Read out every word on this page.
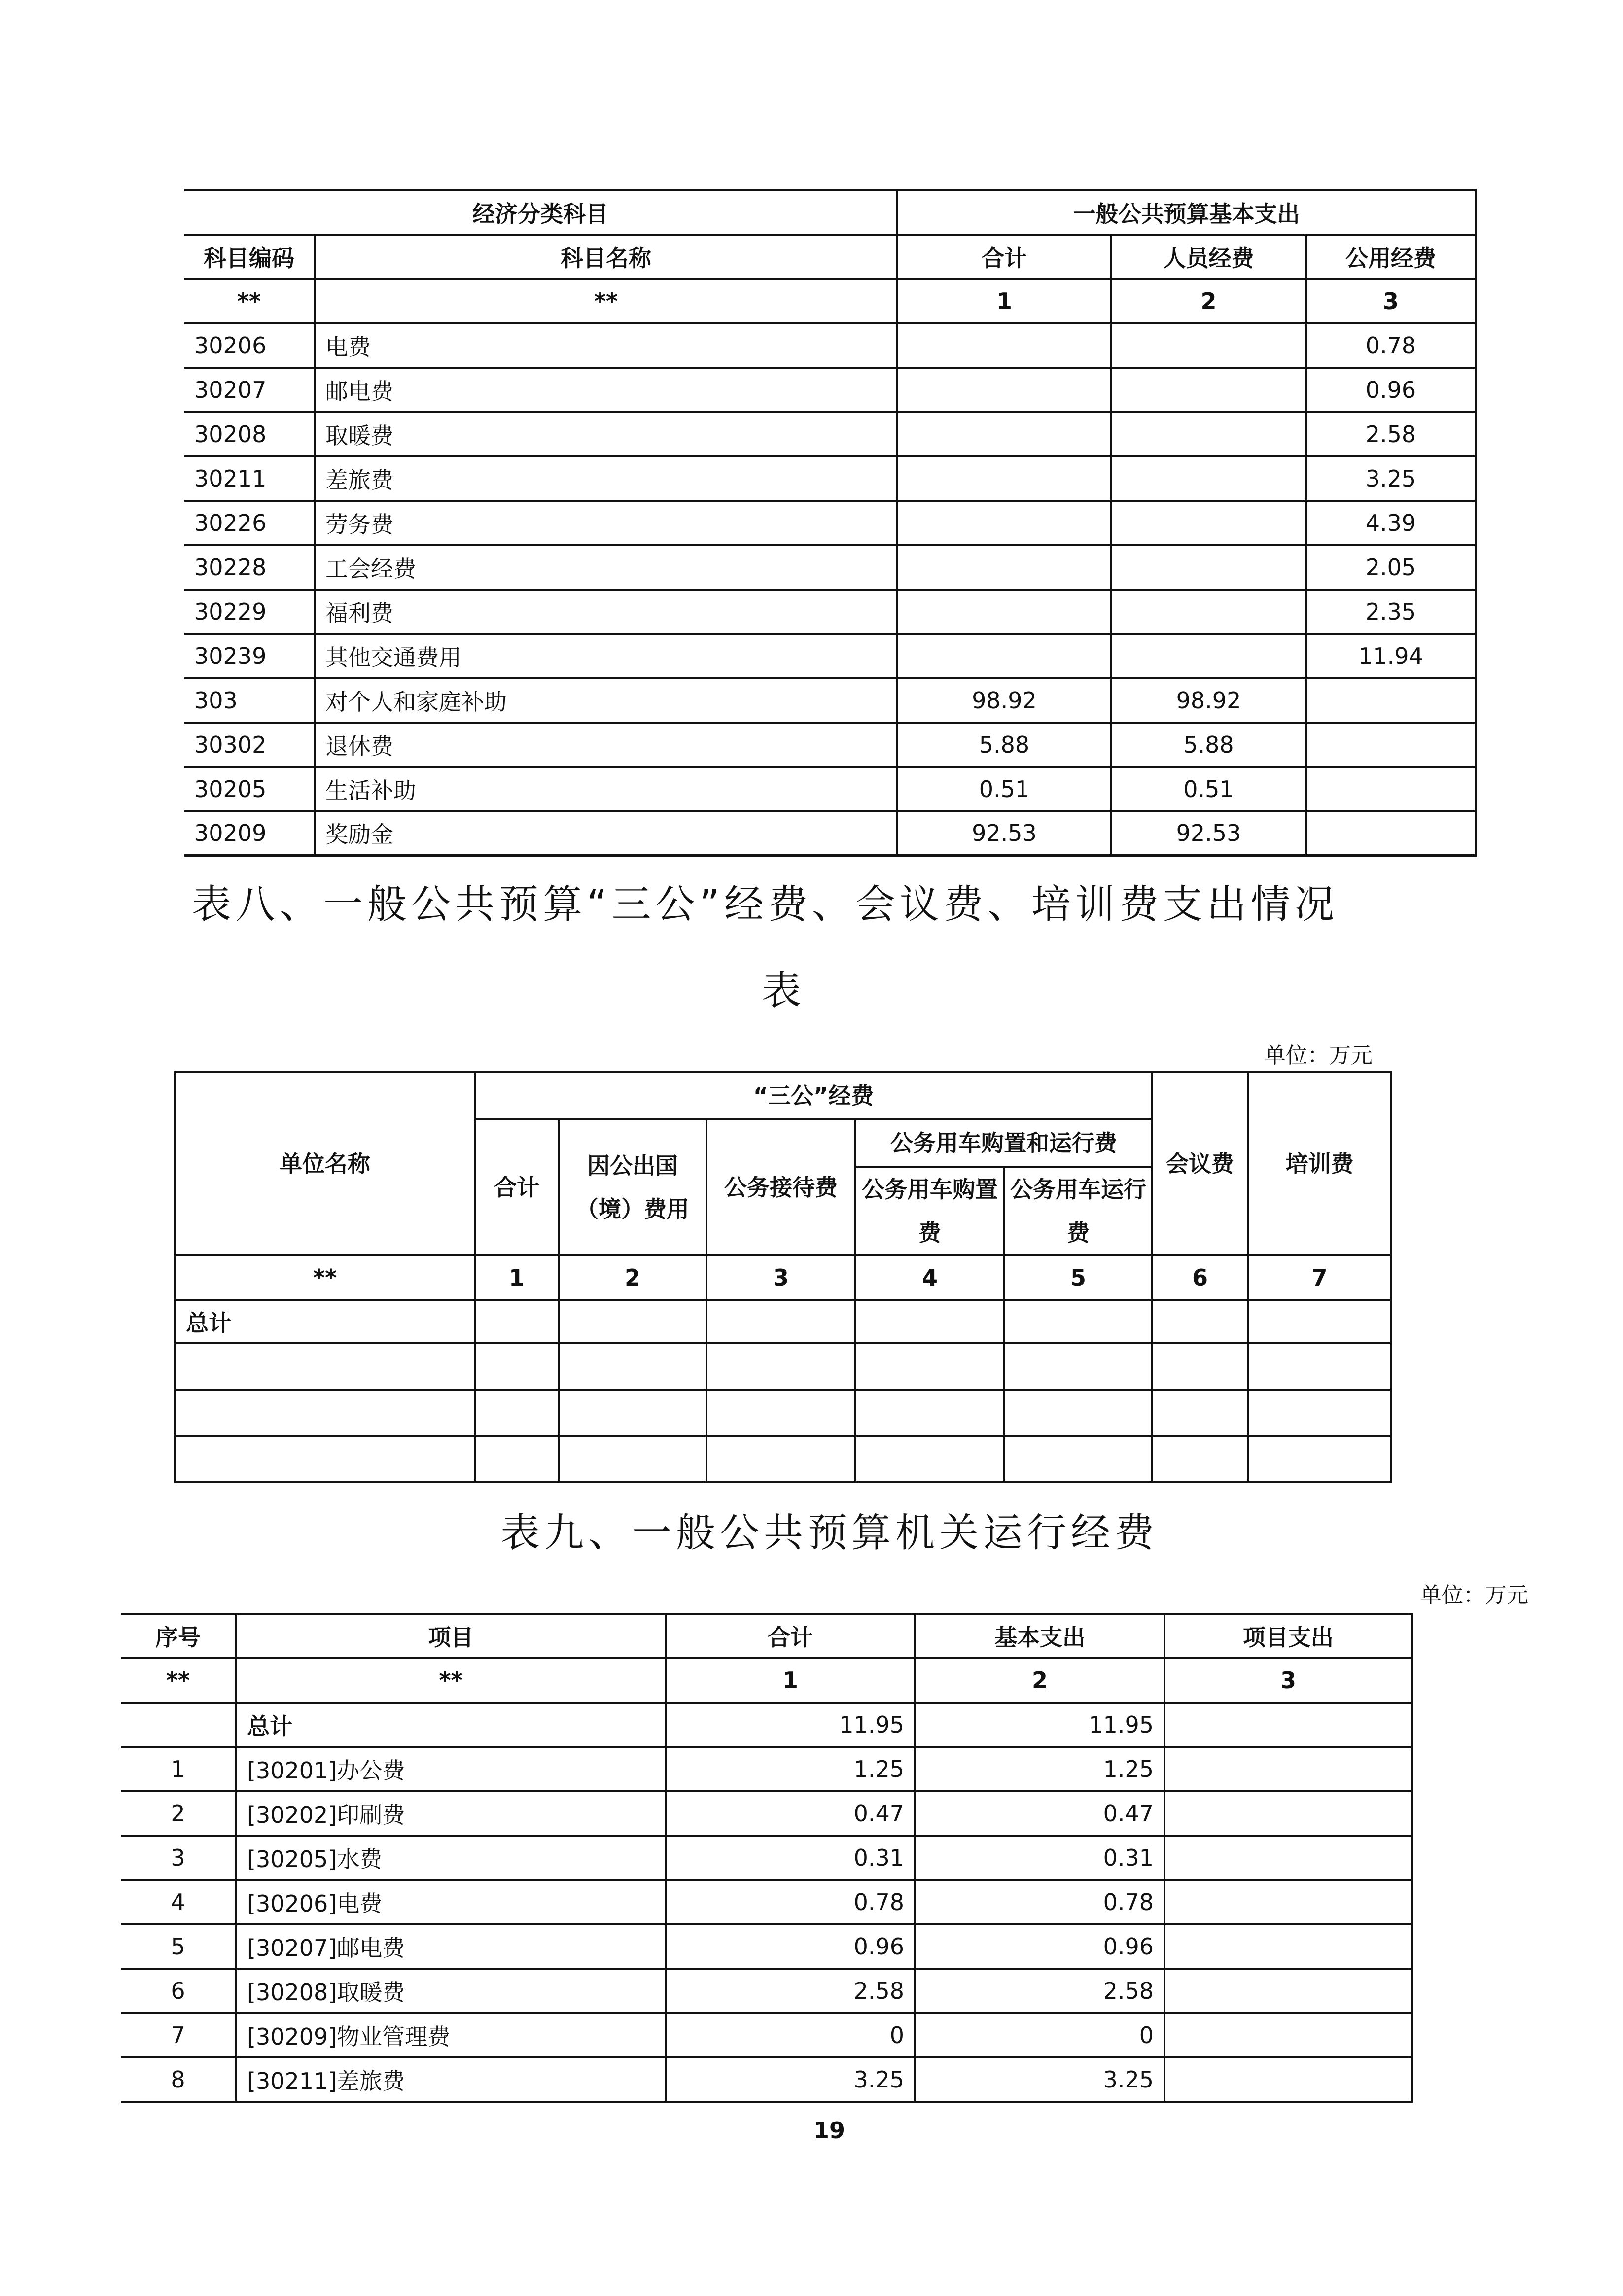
经济分类科目		一般公共预算基本支出		
科目编码	科目名称	合计	人员经费	公用经费
**	**	1	2	3
30206	电费			0.78
30207	邮电费			0.96
30208	取暖费			2.58
30211	差旅费			3.25
30226	劳务费			4.39
30228	工会经费			2.05
30229	福利费			2.35
30239	其他交通费用			11.94
303	对个人和家庭补助	98.92	98.92	
30302	退休费	5.88	5.88	
30205	生活补助	0.51	0.51	
30209	奖励金	92.53	92.53	
表八、一般公共预算“三公”经费、会议费、培训费支出情况
表
单位：万元
单位名称	“三公”经费					会议费	培训费
	合计	因公出国（境）费用	公务接待费	公务用车购置和运行费			
				公务用车购置费	公务用车运行费		
**	1	2	3	4	5	6	7
总计							

表九、一般公共预算机关运行经费
单位：万元
序号	项目	合计	基本支出	项目支出
**	**	1	2	3
	总计	11.95	11.95	
1	[30201]办公费	1.25	1.25	
2	[30202]印刷费	0.47	0.47	
3	[30205]水费	0.31	0.31	
4	[30206]电费	0.78	0.78	
5	[30207]邮电费	0.96	0.96	
6	[30208]取暖费	2.58	2.58	
7	[30209]物业管理费	0	0	
8	[30211]差旅费	3.25	3.25	
19
